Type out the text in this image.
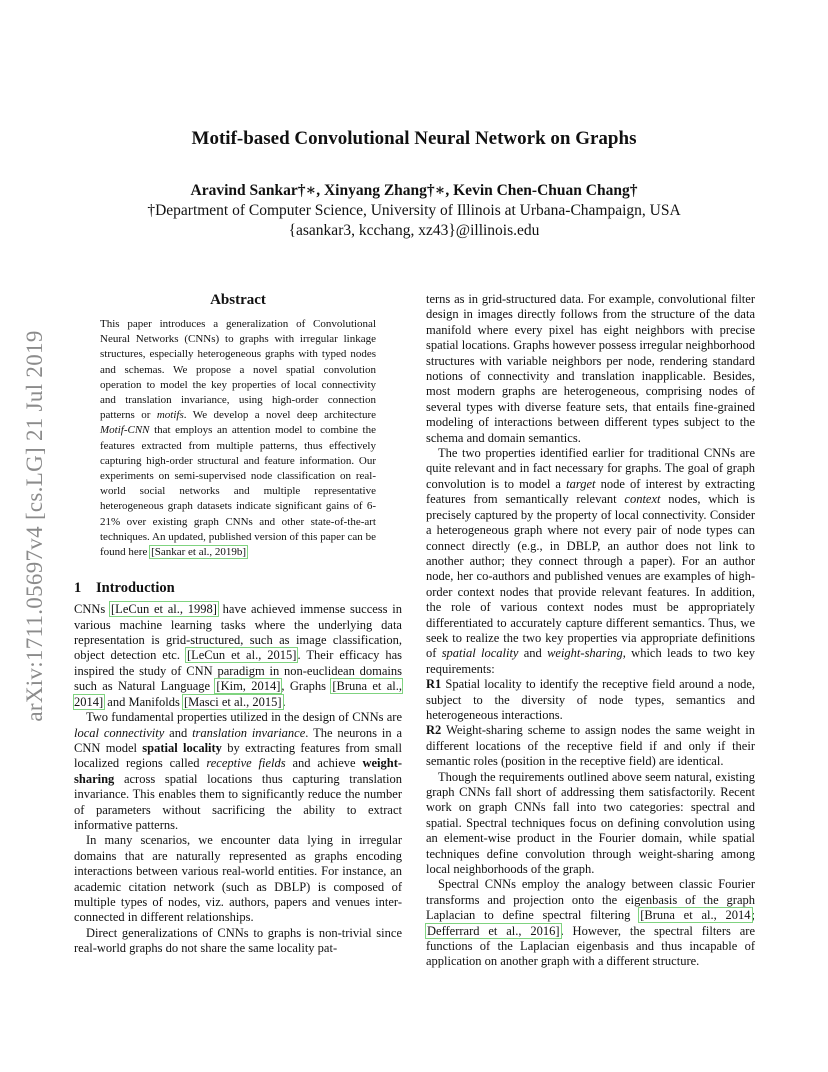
Motif-based Convolutional Neural Network on Graphs
Aravind Sankar†∗, Xinyang Zhang†∗, Kevin Chen-Chuan Chang†
†Department of Computer Science, University of Illinois at Urbana-Champaign, USA
{asankar3, kcchang, xz43}@illinois.edu
arXiv:1711.05697v4 [cs.LG] 21 Jul 2019
Abstract
This paper introduces a generalization of Convolutional Neural Networks (CNNs) to graphs with irregular linkage structures, especially heterogeneous graphs with typed nodes and schemas. We propose a novel spatial convolution operation to model the key properties of local connectivity and translation invariance, using high-order connection patterns or motifs. We develop a novel deep architecture Motif-CNN that employs an attention model to combine the features extracted from multiple patterns, thus effectively capturing high-order structural and feature information. Our experiments on semi-supervised node classification on real-world social networks and multiple representative heterogeneous graph datasets indicate significant gains of 6-21% over existing graph CNNs and other state-of-the-art techniques. An updated, published version of this paper can be found here [Sankar et al., 2019b]
1 Introduction

CNNs [LeCun et al., 1998] have achieved immense success in various machine learning tasks where the underlying data representation is grid-structured, such as image classification, object detection etc. [LeCun et al., 2015]. Their efficacy has inspired the study of CNN paradigm in non-euclidean domains such as Natural Language [Kim, 2014], Graphs [Bruna et al., 2014] and Manifolds [Masci et al., 2015].

Two fundamental properties utilized in the design of CNNs are local connectivity and translation invariance. The neurons in a CNN model spatial locality by extracting features from small localized regions called receptive fields and achieve weight-sharing across spatial locations thus capturing translation invariance. This enables them to significantly reduce the number of parameters without sacrificing the ability to extract informative patterns.

In many scenarios, we encounter data lying in irregular domains that are naturally represented as graphs encoding interactions between various real-world entities. For instance, an academic citation network (such as DBLP) is composed of multiple types of nodes, viz. authors, papers and venues inter-connected in different relationships.

Direct generalizations of CNNs to graphs is non-trivial since real-world graphs do not share the same locality pat-

terns as in grid-structured data. For example, convolutional filter design in images directly follows from the structure of the data manifold where every pixel has eight neighbors with precise spatial locations. Graphs however possess irregular neighborhood structures with variable neighbors per node, rendering standard notions of connectivity and translation inapplicable. Besides, most modern graphs are heterogeneous, comprising nodes of several types with diverse feature sets, that entails fine-grained modeling of interactions between different types subject to the schema and domain semantics.

The two properties identified earlier for traditional CNNs are quite relevant and in fact necessary for graphs. The goal of graph convolution is to model a target node of interest by extracting features from semantically relevant context nodes, which is precisely captured by the property of local connectivity. Consider a heterogeneous graph where not every pair of node types can connect directly (e.g., in DBLP, an author does not link to another author; they connect through a paper). For an author node, her co-authors and published venues are examples of high-order context nodes that provide relevant features. In addition, the role of various context nodes must be appropriately differentiated to accurately capture different semantics. Thus, we seek to realize the two key properties via appropriate definitions of spatial locality and weight-sharing, which leads to two key requirements:

R1 Spatial locality to identify the receptive field around a node, subject to the diversity of node types, semantics and heterogeneous interactions.

R2 Weight-sharing scheme to assign nodes the same weight in different locations of the receptive field if and only if their semantic roles (position in the receptive field) are identical.

Though the requirements outlined above seem natural, existing graph CNNs fall short of addressing them satisfactorily. Recent work on graph CNNs fall into two categories: spectral and spatial. Spectral techniques focus on defining convolution using an element-wise product in the Fourier domain, while spatial techniques define convolution through weight-sharing among local neighborhoods of the graph.

Spectral CNNs employ the analogy between classic Fourier transforms and projection onto the eigenbasis of the graph Laplacian to define spectral filtering [Bruna et al., 2014; Defferrard et al., 2016]. However, the spectral filters are functions of the Laplacian eigenbasis and thus incapable of application on another graph with a different structure.
